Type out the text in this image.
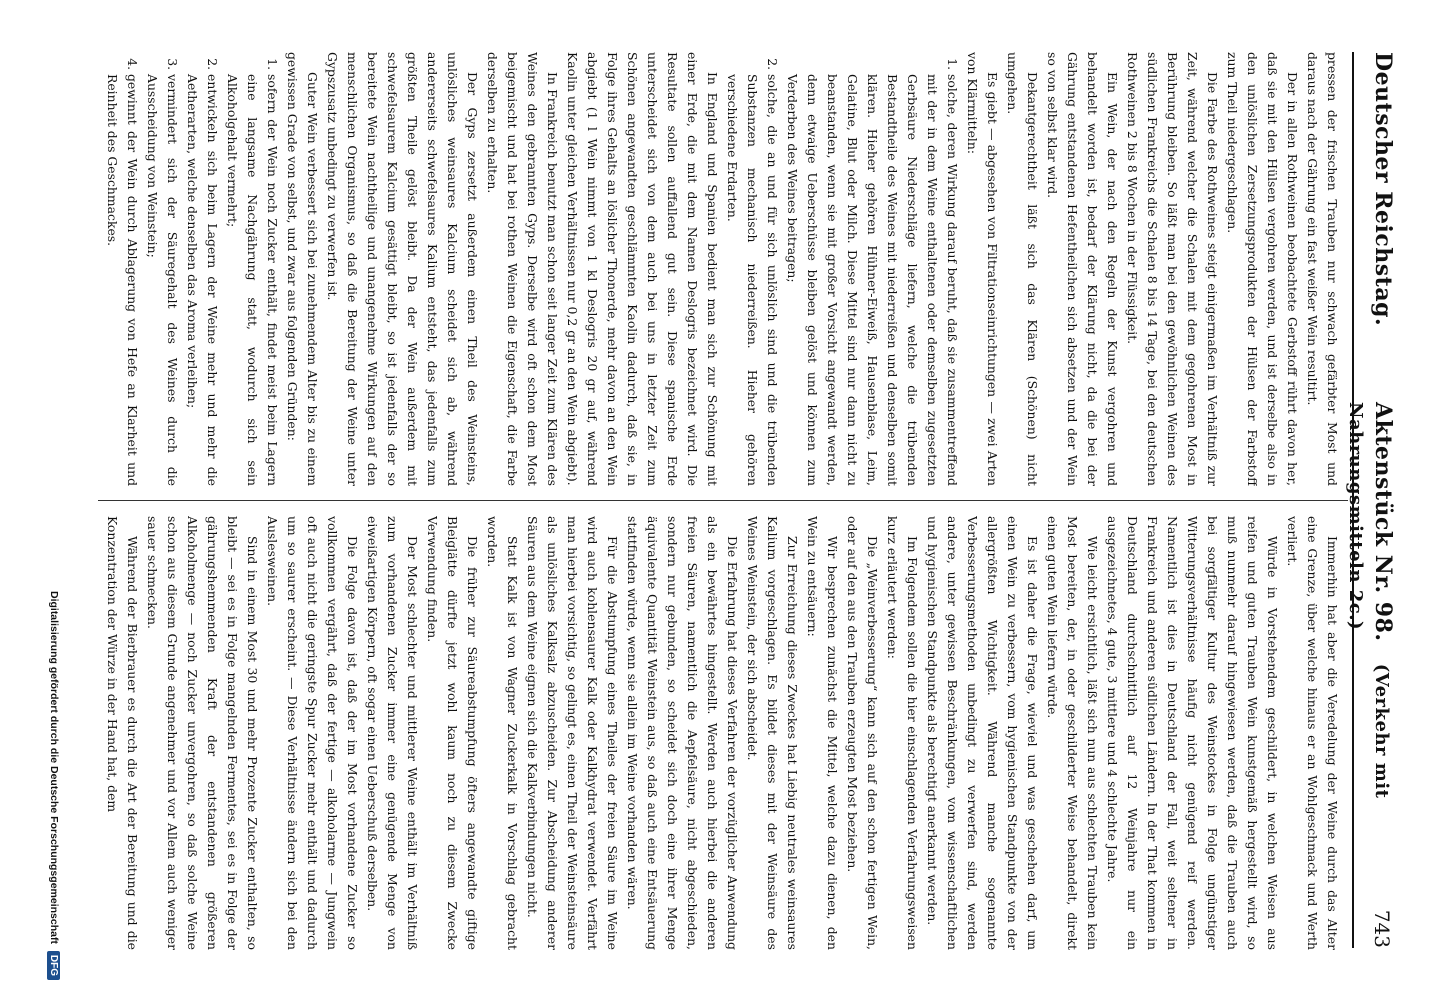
Deutscher Reichstag.
Aktenstück Nr. 98. (Verkehr mit Nahrungsmitteln 2c.)
743

pressen der frischen Trauben nur schwach gefärbter Most und daraus nach der Gährung ein fast weißer Wein resultirt.

Der in allen Rothweinen beobachtete Gerbstoff rührt davon her, daß sie mit den Hülsen vergohren werden, und ist derselbe also in den unlöslichen Zersetzungsprodukten der Hülsen der Farbstoff zum Theil niedergeschlagen.

Die Farbe des Rothweines steigt einigermaßen im Verhältniß zur Zeit, während welcher die Schalen mit dem gegohrenen Most in Berührung bleiben. So läßt man bei den gewöhnlichen Weinen des südlichen Frankreichs die Schalen 8 bis 14 Tage, bei den deutschen Rothweinen 2 bis 8 Wochen in der Flüssigkeit.

Ein Wein, der nach den Regeln der Kunst vergohren und behandelt worden ist, bedarf der Klärung nicht, da die bei der Gährung entstandenen Hefentheilchen sich absetzen und der Wein so von selbst klar wird.

Dekantgerechtheit läßt sich das Klären (Schönen) nicht umgehen.

Es giebt — abgesehen von Filtrationseinrichtungen — zwei Arten von Klärmitteln:

1. solche, deren Wirkung darauf beruht, daß sie zusammentreffend mit der in dem Weine enthaltenen oder demselben zugesetzten Gerbsäure Niederschläge liefern, welche die trübenden Bestandtheile des Weines mit niederreißen und denselben somit klären. Hieher gehören Hühner-Eiweiß, Hausenblase, Leim, Gelatine, Blut oder Milch. Diese Mittel sind nur dann nicht zu beanstanden, wenn sie mit großer Vorsicht angewandt werden, denn etwaige Ueberschüsse bleiben gelöst und können zum Verderben des Weines beitragen;
2. solche, die an und für sich unlöslich sind und die trübenden Substanzen mechanisch niederreißen. Hieher gehören verschiedene Erdarten.

In England und Spanien bedient man sich zur Schönung mit einer Erde, die mit dem Namen Deslogris bezeichnet wird. Die Resultate sollen auffallend gut sein. Diese spanische Erde unterscheidet sich von dem auch bei uns in letzter Zeit zum Schönen angewandten geschlämmten Kaolin dadurch, daß sie, in Folge ihres Gehalts an löslicher Thonerde, mehr davon an den Wein abgiebt (1 l Wein nimmt von 1 kl Deslogris 20 gr auf, während Kaolin unter gleichen Verhältnissen nur 0,2 gr an den Wein abgiebt).

In Frankreich benutzt man schon seit langer Zeit zum Klären des Weines den gebrannten Gyps. Derselbe wird oft schon dem Most beigemischt und hat bei rothen Weinen die Eigenschaft, die Farbe derselben zu erhalten.

Der Gyps zersetzt außerdem einen Theil des Weinsteins, unlösliches weinsaures Kalcium scheidet sich ab, während andererseits schwefelsaures Kalium entsteht, das jedenfalls zum größten Theile gelöst bleibt. Da der Wein außerdem mit schwefelsaurem Kalcium gesättigt bleibt, so ist jedenfalls der so bereitete Wein nachtheilige und unangenehme Wirkungen auf den menschlichen Organismus, so daß die Bereitung der Weine unter Gypszusatz unbedingt zu verwerfen ist.

Guter Wein verbessert sich bei zunehmendem Alter bis zu einem gewissen Grade von selbst, und zwar aus folgenden Gründen:

1. sofern der Wein noch Zucker enthält, findet meist beim Lagern eine langsame Nachgährung statt, wodurch sich sein Alkoholgehalt vermehrt;
2. entwickeln sich beim Lagern der Weine mehr und mehr die Aetherarten, welche denselben das Aroma verleihen;
3. vermindert sich der Säuregehalt des Weines durch die Ausscheidung von Weinstein;
4. gewinnt der Wein durch Ablagerung von Hefe an Klarheit und Reinheit des Geschmackes.

Immerhin hat aber die Veredelung der Weine durch das Alter eine Grenze, über welche hinaus er an Wohlgeschmack und Werth verliert.

Würde in Vorstehendem geschildert, in welchen Weisen aus reifen und guten Trauben Wein kunstgemäß hergestellt wird, so muß nunmehr darauf hingewiesen werden, daß die Trauben auch bei sorgfältiger Kultur des Weinstockes in Folge ungünstiger Witterungsverhältnisse häufig nicht genügend reif werden. Namentlich ist dies in Deutschland der Fall, weit seltener in Frankreich und anderen südlichen Ländern. In der That kommen in Deutschland durchschnittlich auf 12 Weinjahre nur ein ausgezeichnetes, 4 gute, 3 mittlere und 4 schlechte Jahre.

Wie leicht ersichtlich, läßt sich nun aus schlechten Trauben kein Most bereiten, der, in oder geschilderter Weise behandelt, direkt einen guten Wein liefern würde.

Es ist daher die Frage, wieviel und was geschehen darf, um einen Wein zu verbessern, vom hygienischen Standpunkte von der allergrößten Wichtigkeit. Während manche sogenannte Verbesserungsmethoden unbedingt zu verwerfen sind, werden andere, unter gewissen Beschränkungen, vom wissenschaftlichen und hygienischen Standpunkte als berechtigt anerkannt werden.

Im Folgendem sollen die hier einschlagenden Verfahrungsweisen kurz erläutert werden:

Die „Weinverbesserung“ kann sich auf den schon fertigen Wein, oder auf den aus den Trauben erzeugten Most beziehen.

Wir besprechen zunächst die Mittel, welche dazu dienen, den Wein zu entsäuern:

Zur Erreichung dieses Zweckes hat Liebig neutrales weinsaures Kalium vorgeschlagen. Es bildet dieses mit der Weinsäure des Weines Weinstein, der sich abscheidet.

Die Erfahrung hat dieses Verfahren der vorzüglicher Anwendung als ein bewährtes hingestellt. Werden auch hierbei die anderen freien Säuren, namentlich die Aepfelsäure, nicht abgeschieden, sondern nur gebunden, so scheidet sich doch eine ihrer Menge äquivalente Quantität Weinstein aus, so daß auch eine Entsäuerung stattfinden würde, wenn sie allein im Weine vorhanden wären.

Für die Abstumpfung eines Theiles der freien Säure im Weine wird auch kohlensaurer Kalk oder Kalkhydrat verwendet. Verfährt man hierbei vorsichtig, so gelingt es, einen Theil der Weinsteinsäure als unlösliches Kalksalz abzuscheiden. Zur Abscheidung anderer Säuren aus dem Weine eignen sich die Kalkverbindungen nicht.

Statt Kalk ist von Wagner Zuckerkalk in Vorschlag gebracht worden.

Die früher zur Säureabstumpfung öfters angewandte giftige Bleiglätte dürfte jetzt wohl kaum noch zu diesem Zwecke Verwendung finden.

Der Most schlechter und mittlerer Weine enthält im Verhältniß zum vorhandenen Zucker immer eine genügende Menge von eiweißartigen Körpern, oft sogar einen Ueberschuß derselben.

Die Folge davon ist, daß der im Most vorhandene Zucker so vollkommen vergährt, daß der fertige — alkoholarme — Jungwein oft auch nicht die geringste Spur Zucker mehr enthält und dadurch um so saurer erscheint. — Diese Verhältnisse ändern sich bei den Auslesweinen.

Sind in einem Most 30 und mehr Prozente Zucker enthalten, so bleibt — sei es in Folge mangelnden Fermentes, sei es in Folge der gährungshemmenden Kraft der entstandenen größeren Alkoholmenge — noch Zucker unvergohren, so daß solche Weine schon aus diesem Grunde angenehmer und vor Allem auch weniger sauer schmecken.

Während der Bierbrauer es durch die Art der Bereitung und die Konzentration der Würze in der Hand hat, dem

Digitalisierung gefördert durch die Deutsche Forschungsgemeinschaft DFG
